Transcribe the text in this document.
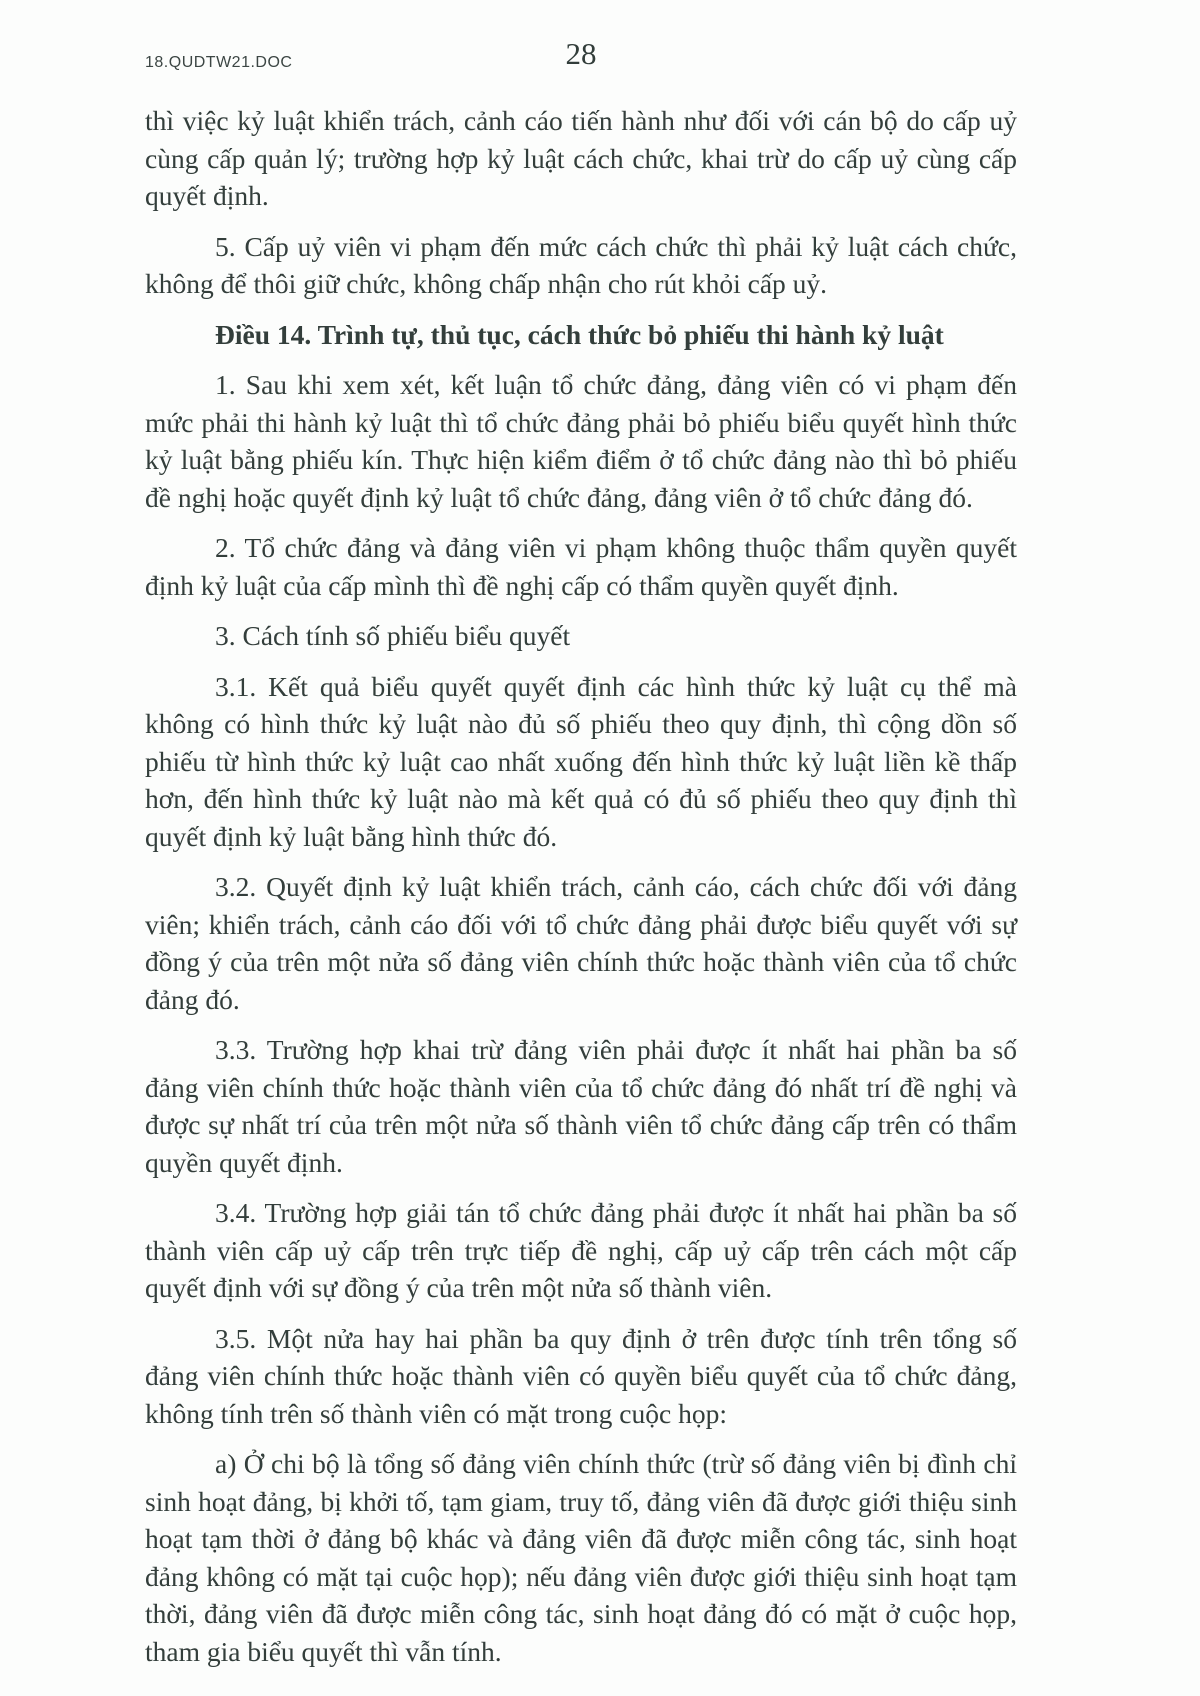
18.QUDTW21.DOC	28

thì việc kỷ luật khiển trách, cảnh cáo tiến hành như đối với cán bộ do cấp uỷ cùng cấp quản lý; trường hợp kỷ luật cách chức, khai trừ do cấp uỷ cùng cấp quyết định.

5. Cấp uỷ viên vi phạm đến mức cách chức thì phải kỷ luật cách chức, không để thôi giữ chức, không chấp nhận cho rút khỏi cấp uỷ.

Điều 14. Trình tự, thủ tục, cách thức bỏ phiếu thi hành kỷ luật

1. Sau khi xem xét, kết luận tổ chức đảng, đảng viên có vi phạm đến mức phải thi hành kỷ luật thì tổ chức đảng phải bỏ phiếu biểu quyết hình thức kỷ luật bằng phiếu kín. Thực hiện kiểm điểm ở tổ chức đảng nào thì bỏ phiếu đề nghị hoặc quyết định kỷ luật tổ chức đảng, đảng viên ở tổ chức đảng đó.

2. Tổ chức đảng và đảng viên vi phạm không thuộc thẩm quyền quyết định kỷ luật của cấp mình thì đề nghị cấp có thẩm quyền quyết định.

3. Cách tính số phiếu biểu quyết

3.1. Kết quả biểu quyết quyết định các hình thức kỷ luật cụ thể mà không có hình thức kỷ luật nào đủ số phiếu theo quy định, thì cộng dồn số phiếu từ hình thức kỷ luật cao nhất xuống đến hình thức kỷ luật liền kề thấp hơn, đến hình thức kỷ luật nào mà kết quả có đủ số phiếu theo quy định thì quyết định kỷ luật bằng hình thức đó.

3.2. Quyết định kỷ luật khiển trách, cảnh cáo, cách chức đối với đảng viên; khiển trách, cảnh cáo đối với tổ chức đảng phải được biểu quyết với sự đồng ý của trên một nửa số đảng viên chính thức hoặc thành viên của tổ chức đảng đó.

3.3. Trường hợp khai trừ đảng viên phải được ít nhất hai phần ba số đảng viên chính thức hoặc thành viên của tổ chức đảng đó nhất trí đề nghị và được sự nhất trí của trên một nửa số thành viên tổ chức đảng cấp trên có thẩm quyền quyết định.

3.4. Trường hợp giải tán tổ chức đảng phải được ít nhất hai phần ba số thành viên cấp uỷ cấp trên trực tiếp đề nghị, cấp uỷ cấp trên cách một cấp quyết định với sự đồng ý của trên một nửa số thành viên.

3.5. Một nửa hay hai phần ba quy định ở trên được tính trên tổng số đảng viên chính thức hoặc thành viên có quyền biểu quyết của tổ chức đảng, không tính trên số thành viên có mặt trong cuộc họp:

a) Ở chi bộ là tổng số đảng viên chính thức (trừ số đảng viên bị đình chỉ sinh hoạt đảng, bị khởi tố, tạm giam, truy tố, đảng viên đã được giới thiệu sinh hoạt tạm thời ở đảng bộ khác và đảng viên đã được miễn công tác, sinh hoạt đảng không có mặt tại cuộc họp); nếu đảng viên được giới thiệu sinh hoạt tạm thời, đảng viên đã được miễn công tác, sinh hoạt đảng đó có mặt ở cuộc họp, tham gia biểu quyết thì vẫn tính.
